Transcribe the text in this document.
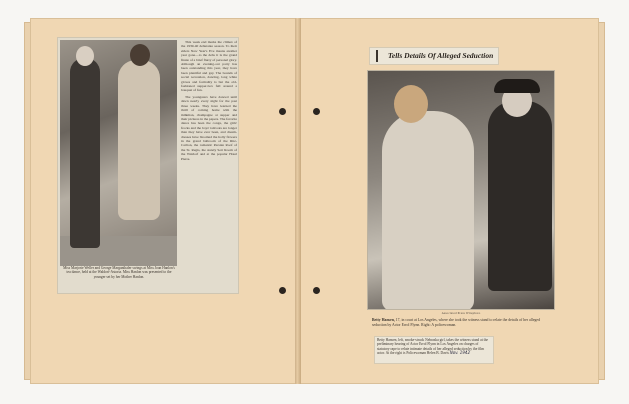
Miss Marjorie Weller and George Marganthaler swings at Miss Joan Hanlon's tea dance, held at the Waldorf-Astoria. Miss Hanlon was presented to the younger set by her Mother Hanlon.

This week end marks the climax of the 1939-40 debutante season. To their elders New Year's Eve means another year gone—to the debs it is the grand finale of a brief flurry of personal glory. Although an evening-out party has been outstanding this year, they have been plentiful and gay. The bounds of social recreation, dancing, long white gloves and formality is but the old-fashioned supper-box full around a bouquet of fun.

The youngsters have danced until dawn nearly every night for the past three weeks. They have learned the thrill of coming home with the milkman, champagne at supper and their pictures in the papers. The favorite dance has been the conga, the girls' frocks and the boys' tailcoats are longer than they have ever been, and dream-dresses have bloomed the holly flowers in the grand ballroom of the Ritz-Carlton, the romantic Persian Roof of the St. Regis, the stately Sert Room of the Waldorf and at the popular Hotel Pierre.

Tells Details Of Alleged Seduction
Associated Press Wirephoto
Betty Hansen, 17, in court at Los Angeles, where she took the witness stand to relate the details of her alleged seduction by Actor Errol Flynn. Right: A policewoman.
Betty Hansen, left, smoke-struck Nebraska girl, takes the witness stand at the preliminary hearing of Actor Errol Flynn in Los Angeles on charges of statutory rape to relate intimate details of her alleged seduction by the film actor. At the right is Policewoman Helen B. Davis Nov. 1942
